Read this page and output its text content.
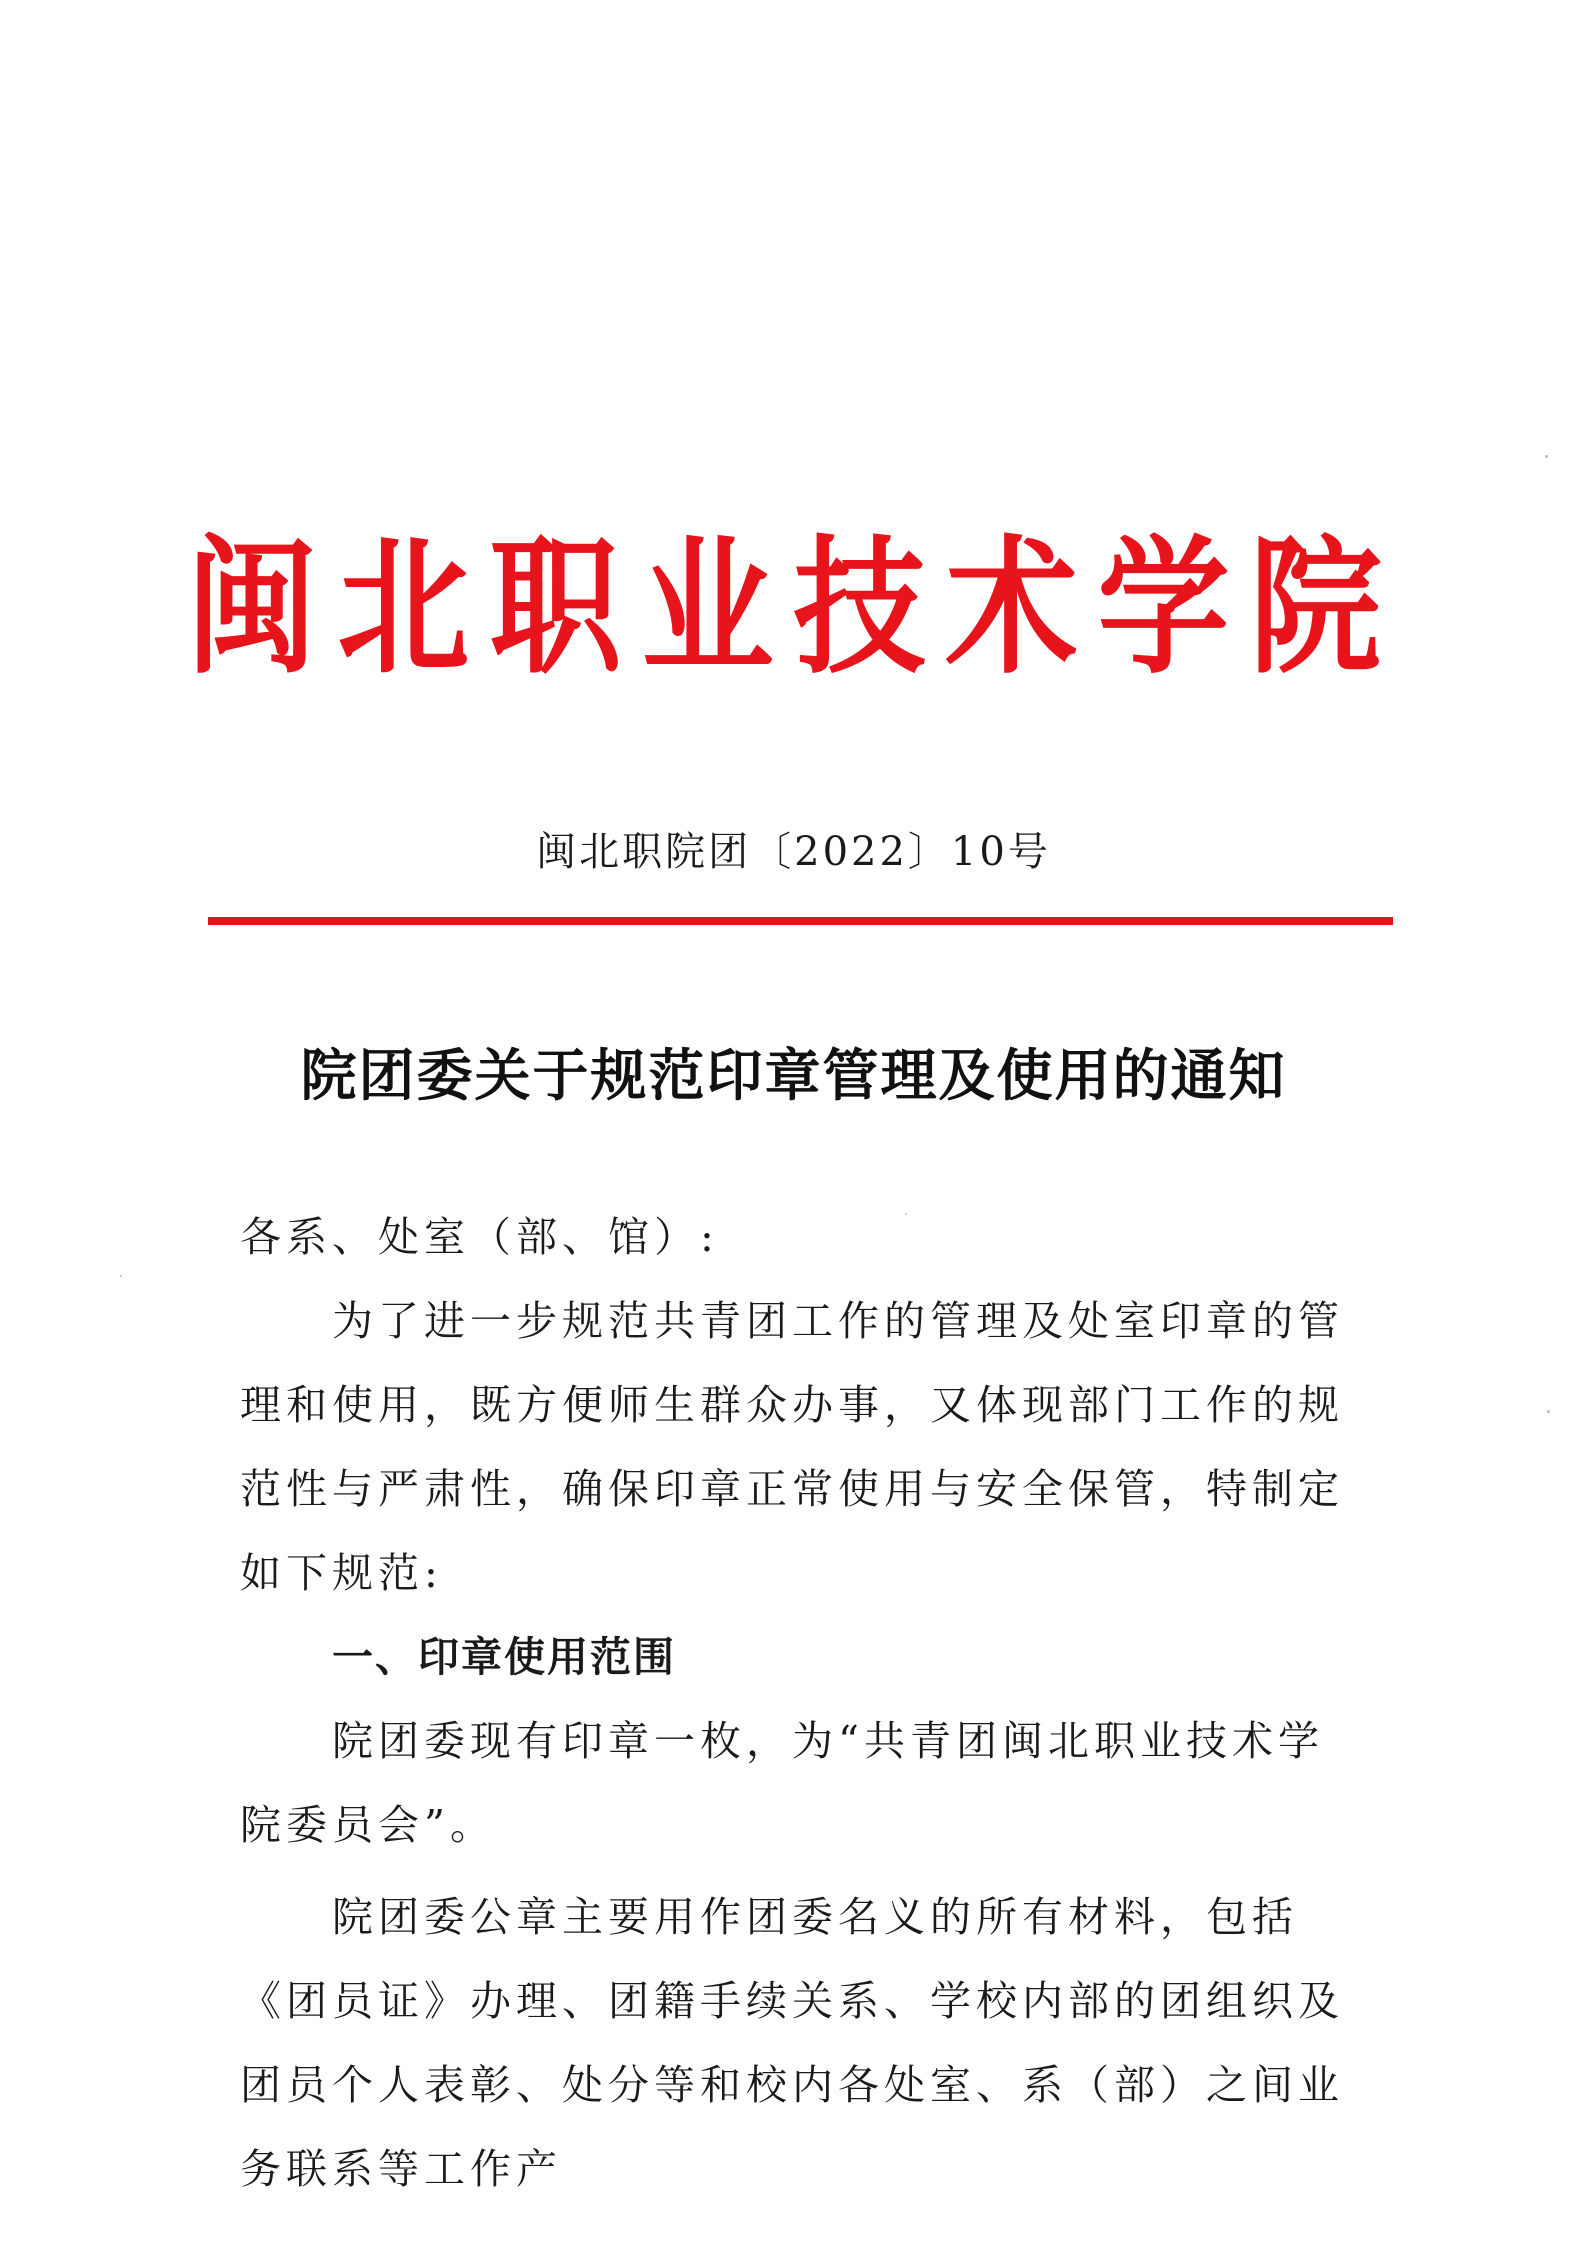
闽北职业技术学院
闽北职院团〔2022〕10号
院团委关于规范印章管理及使用的通知

各系、处室（部、馆）:

为了进一步规范共青团工作的管理及处室印章的管理和使用，既方便师生群众办事，又体现部门工作的规范性与严肃性，确保印章正常使用与安全保管，特制定如下规范:

一、印章使用范围

院团委现有印章一枚，为“共青团闽北职业技术学院委员会”。

院团委公章主要用作团委名义的所有材料，包括《团员证》办理、团籍手续关系、学校内部的团组织及团员个人表彰、处分等和校内各处室、系（部）之间业务联系等工作产
